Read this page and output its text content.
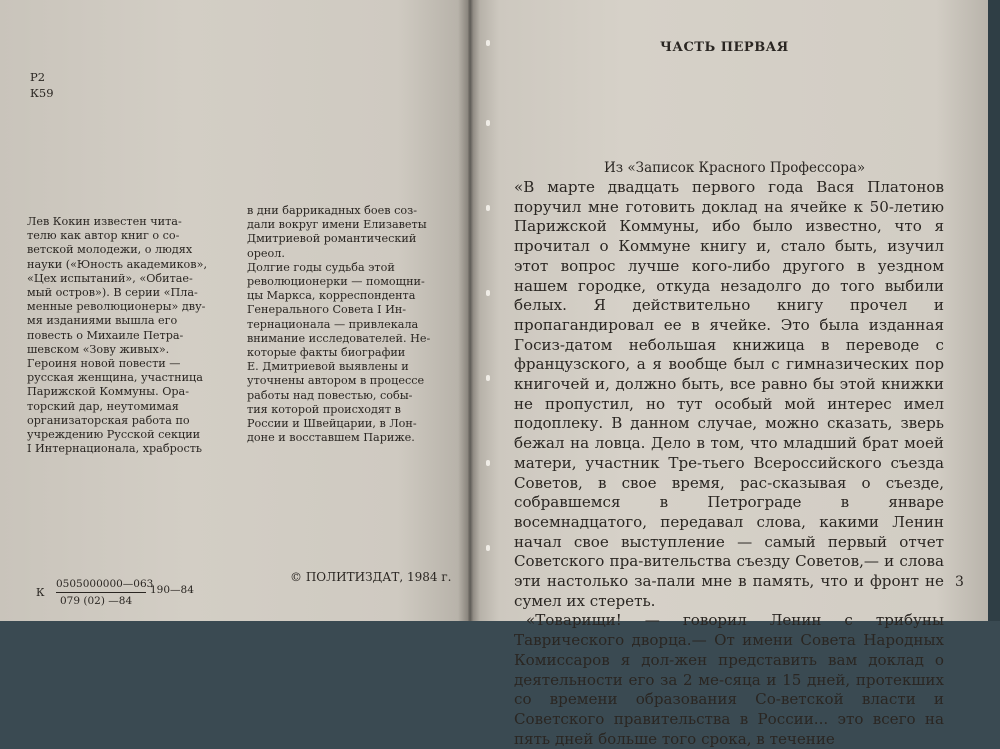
Р2
К59
Лев Кокин известен чита-
телю как автор книг о со-
ветской молодежи, о людях
науки («Юность академиков»,
«Цех испытаний», «Обитае-
мый остров»). В серии «Пла-
менные революционеры» дву-
мя изданиями вышла его
повесть о Михаиле Петра-
шевском «Зову живых».
Героиня новой повести —
русская женщина, участница
Парижской Коммуны. Ора-
торский дар, неутомимая
организаторская работа по
учреждению Русской секции
I Интернационала, храбрость
в дни баррикадных боев соз-
дали вокруг имени Елизаветы
Дмитриевой романтический
ореол.
Долгие годы судьба этой
революционерки — помощни-
цы Маркса, корреспондента
Генерального Совета I Ин-
тернационала — привлекала
внимание исследователей. Не-
которые факты биографии
Е. Дмитриевой выявлены и
уточнены автором в процессе
работы над повестью, собы-
тия которой происходят в
России и Швейцарии, в Лон-
доне и восставшем Париже.
К
0505000000—063
079 (02) —84
190—84
© ПОЛИТИЗДАТ, 1984 г.
ЧАСТЬ ПЕРВАЯ
Из «Записок Красного Профессора»

«В марте двадцать первого года Вася Платонов поручил мне готовить доклад на ячейке к 50-летию Парижской Коммуны, ибо было известно, что я прочитал о Коммуне книгу и, стало быть, изучил этот вопрос лучше кого-либо другого в уездном нашем городке, откуда незадолго до того выбили белых. Я действительно книгу прочел и пропагандировал ее в ячейке. Это была изданная Госиз-датом небольшая книжица в переводе с французского, а я вообще был с гимназических пор книгочей и, должно быть, все равно бы этой книжки не пропустил, но тут особый мой интерес имел подоплеку. В данном случае, можно сказать, зверь бежал на ловца. Дело в том, что младший брат моей матери, участник Тре-тьего Всероссийского съезда Советов, в свое время, рас-сказывая о съезде, собравшемся в Петрограде в январе восемнадцатого, передавал слова, какими Ленин начал свое выступление — самый первый отчет Советского пра-вительства съезду Советов,— и слова эти настолько за-пали мне в память, что и фронт не сумел их стереть.

«Товарищи! — говорил Ленин с трибуны Таврического дворца.— От имени Совета Народных Комиссаров я дол-жен представить вам доклад о деятельности его за 2 ме-сяца и 15 дней, протекших со времени образования Со-ветской власти и Советского правительства в России... это всего на пять дней больше того срока, в течение

3
